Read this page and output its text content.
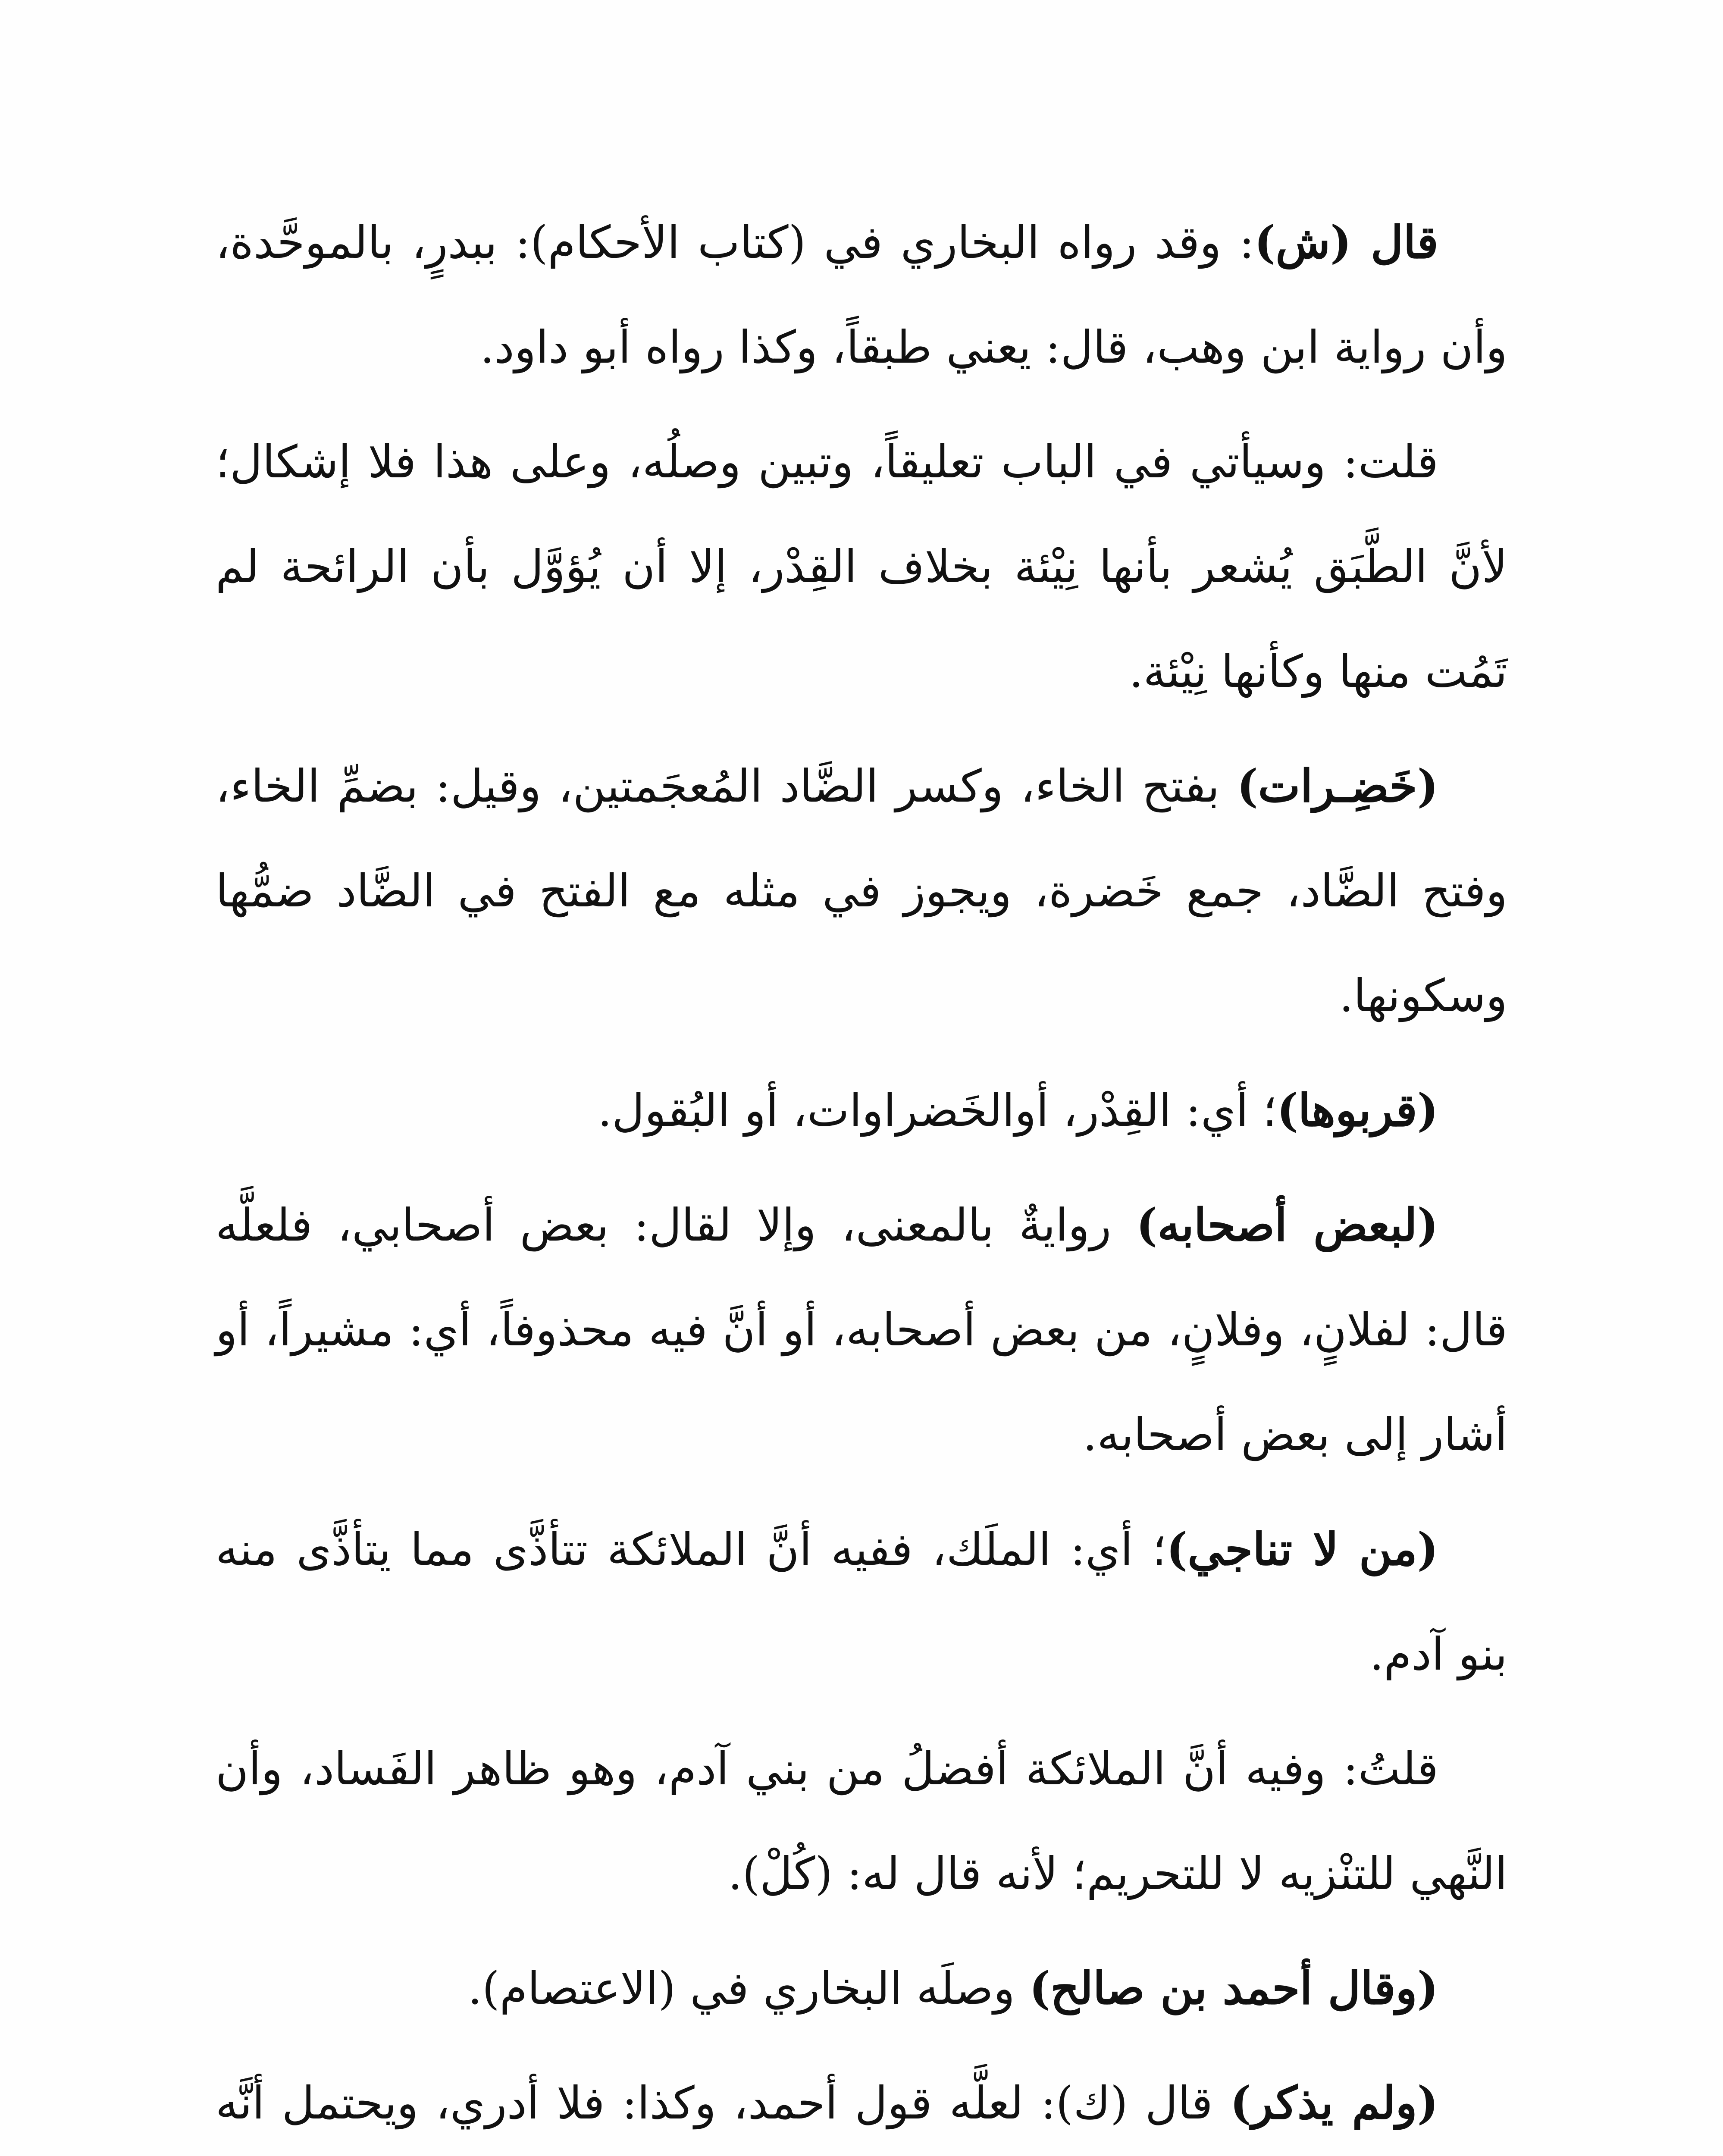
قال (ش): وقد رواه البخاري في (كتاب الأحكام): ببدرٍ، بالموحَّدة، وأن رواية ابن وهب، قال: يعني طبقاً، وكذا رواه أبو داود.

قلت: وسيأتي في الباب تعليقاً، وتبين وصلُه، وعلى هذا فلا إشكال؛ لأنَّ الطَّبَق يُشعر بأنها نِيْئة بخلاف القِدْر، إلا أن يُؤوَّل بأن الرائحة لم تَمُت منها وكأنها نِيْئة.

(خَضِـرات) بفتح الخاء، وكسر الضَّاد المُعجَمتين، وقيل: بضمِّ الخاء، وفتح الضَّاد، جمع خَضرة، ويجوز في مثله مع الفتح في الضَّاد ضمُّها وسكونها.

(قربوها)؛ أي: القِدْر، أوالخَضراوات، أو البُقول.

(لبعض أصحابه) روايةٌ بالمعنى، وإلا لقال: بعض أصحابي، فلعلَّه قال: لفلانٍ، وفلانٍ، من بعض أصحابه، أو أنَّ فيه محذوفاً، أي: مشيراً، أو أشار إلى بعض أصحابه.

(من لا تناجي)؛ أي: الملَك، ففيه أنَّ الملائكة تتأذَّى مما يتأذَّى منه بنو آدم.

قلتُ: وفيه أنَّ الملائكة أفضلُ من بني آدم، وهو ظاهر الفَساد، وأن النَّهي للتنْزيه لا للتحريم؛ لأنه قال له: (كُلْ).

(وقال أحمد بن صالح) وصلَه البخاري في (الاعتصام).

(ولم يذكر) قال (ك): لعلَّه قول أحمد، وكذا: فلا أدري، ويحتمل أنَّه
